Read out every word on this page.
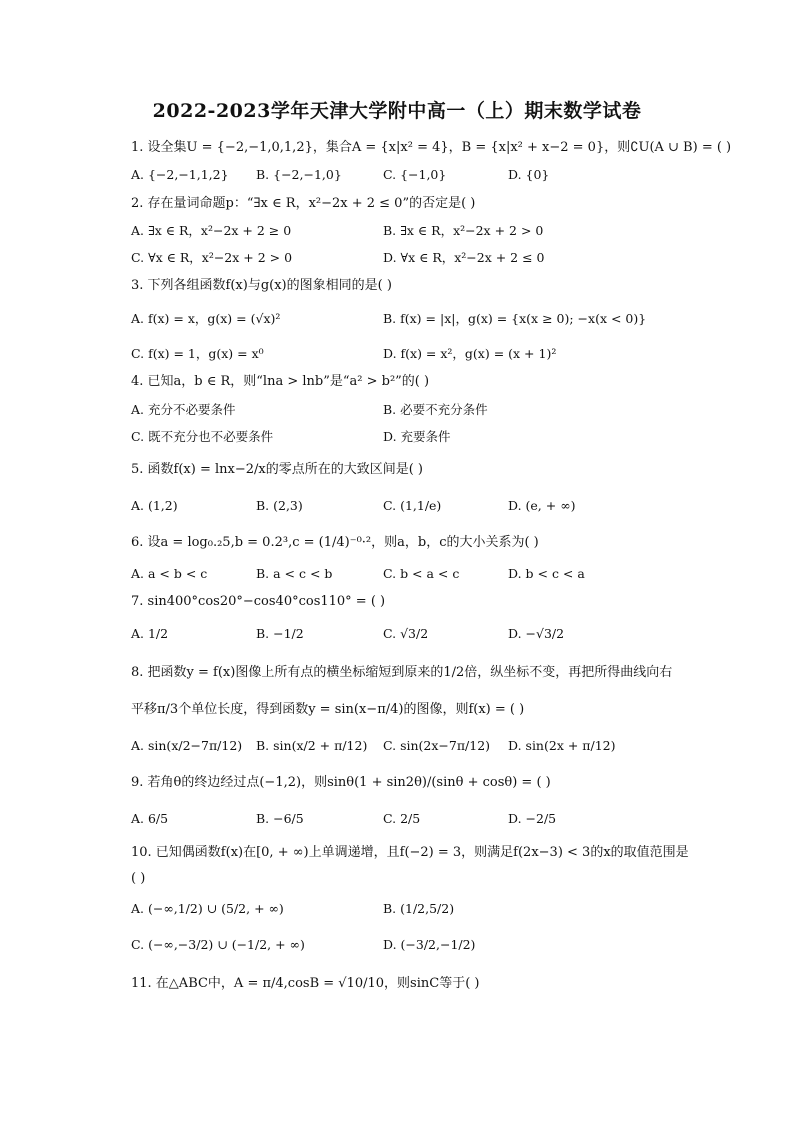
2022-2023学年天津大学附中高一（上）期末数学试卷
1. 设全集U = {−2,−1,0,1,2}，集合A = {x|x² = 4}，B = {x|x² + x−2 = 0}，则∁U(A ∪ B) = ( )
A. {−2,−1,1,2} B. {−2,−1,0}	C. {−1,0}	D. {0}
2. 存在量词命题p：“∃x ∈ R，x²−2x + 2 ≤ 0”的否定是( )
A. ∃x ∈ R，x²−2x + 2 ≥ 0	B. ∃x ∈ R，x²−2x + 2 > 0
C. ∀x ∈ R，x²−2x + 2 > 0	D. ∀x ∈ R，x²−2x + 2 ≤ 0
3. 下列各组函数f(x)与g(x)的图象相同的是( )
A. f(x) = x，g(x) = (√x)²	B. f(x) = |x|，g(x) = {x(x ≥ 0); −x(x < 0)}
C. f(x) = 1，g(x) = x⁰	D. f(x) = x²，g(x) = (x + 1)²
4. 已知a，b ∈ R，则“lna > lnb”是“a² > b²”的( )
A. 充分不必要条件	B. 必要不充分条件
C. 既不充分也不必要条件	D. 充要条件
5. 函数f(x) = lnx−2/x的零点所在的大致区间是( )
A. (1,2)	B. (2,3)	C. (1,1/e)	D. (e, + ∞)
6. 设a = log₀.₂5,b = 0.2³,c = (1/4)⁻⁰·²，则a，b，c的大小关系为( )
A. a < b < c	B. a < c < b	C. b < a < c	D. b < c < a
7. sin400°cos20°−cos40°cos110° = ( )
A. 1/2	B. −1/2	C. √3/2	D. −√3/2
8. 把函数y = f(x)图像上所有点的横坐标缩短到原来的1/2倍，纵坐标不变，再把所得曲线向右
平移π/3个单位长度，得到函数y = sin(x−π/4)的图像，则f(x) = ( )
A. sin(x/2−7π/12) B. sin(x/2 + π/12) C. sin(2x−7π/12) D. sin(2x + π/12)
9. 若角θ的终边经过点(−1,2)，则sinθ(1 + sin2θ)/(sinθ + cosθ) = ( )
A. 6/5	B. −6/5	C. 2/5	D. −2/5
10. 已知偶函数f(x)在[0, + ∞)上单调递增，且f(−2) = 3，则满足f(2x−3) < 3的x的取值范围是
( )
A. (−∞,1/2) ∪ (5/2, + ∞)	B. (1/2,5/2)
C. (−∞,−3/2) ∪ (−1/2, + ∞)	D. (−3/2,−1/2)
11. 在△ABC中，A = π/4,cosB = √10/10，则sinC等于( )
